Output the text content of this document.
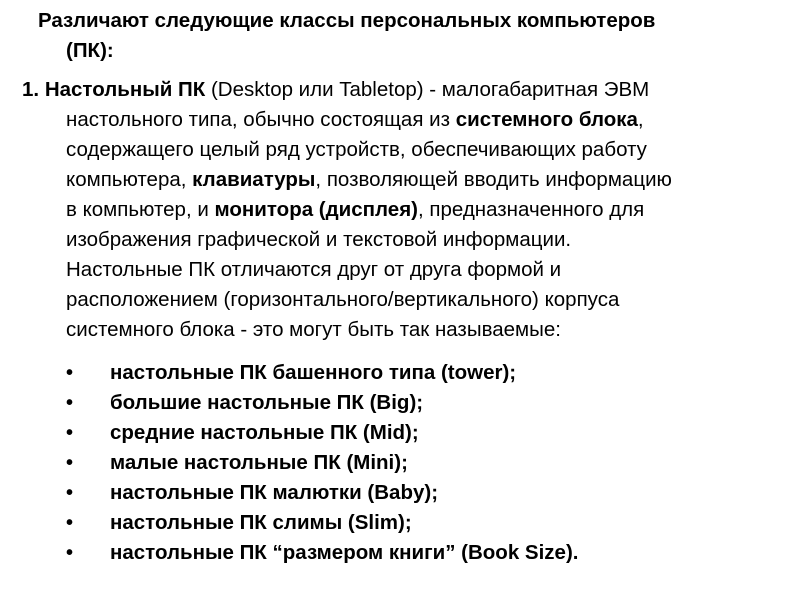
Различают следующие классы персональных компьютеров
(ПК):
1. Настольный ПК (Desktop или Tabletop) - малогабаритная ЭВМ
настольного типа, обычно состоящая из системного блока,
содержащего целый ряд устройств, обеспечивающих работу
компьютера, клавиатуры, позволяющей вводить информацию
в компьютер, и монитора (дисплея), предназначенного для
изображения графической и текстовой информации.
Настольные ПК отличаются друг от друга формой и
расположением (горизонтального/вертикального) корпуса
системного блока - это могут быть так называемые:
• настольные ПК башенного типа (tower);
• большие настольные ПК (Big);
• средние настольные ПК (Mid);
• малые настольные ПК (Mini);
• настольные ПК малютки (Baby);
• настольные ПК слимы (Slim);
• настольные ПК “размером книги” (Book Size).
